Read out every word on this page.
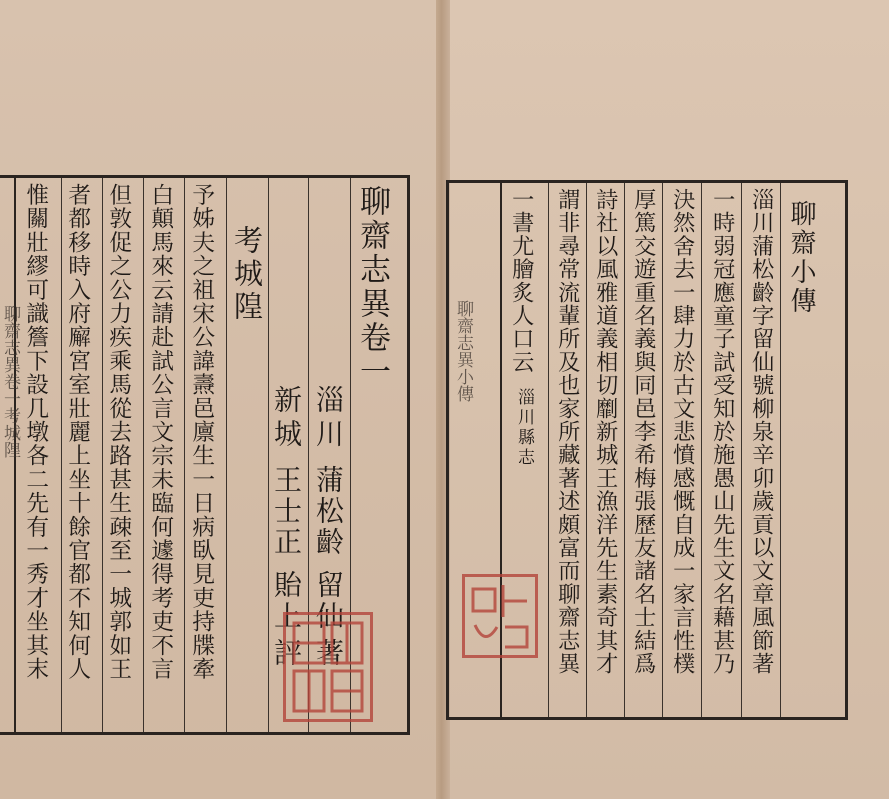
聊齋志異卷一
淄川
蒲松齡
留仙
著
新城
王士正
貽上
評
考城隍
予姊夫之祖宋公諱燾邑廪生一日病臥見吏持牒牽
白顛馬來云請赴試公言文宗未臨何遽得考吏不言
但敦促之公力疾乘馬從去路甚生疎至一城郭如王
者都移時入府廨宮室壯麗上坐十餘官都不知何人
惟關壯繆可識簷下設几墩各二先有一秀才坐其末
聊齋志異卷一考城隍	聊齋志異小傳
聊齋小傳
淄川蒲松齡字留仙號柳泉辛卯歲貢以文章風節著
一時弱冠應童子試受知於施愚山先生文名藉甚乃
決然舍去一肆力於古文悲憤感慨自成一家言性樸
厚篤交遊重名義與同邑李希梅張歷友諸名士結爲
詩社以風雅道義相切劘新城王漁洋先生素奇其才
謂非尋常流輩所及也家所藏著述頗富而聊齋志異
一書尤膾炙人口云
淄川縣志
